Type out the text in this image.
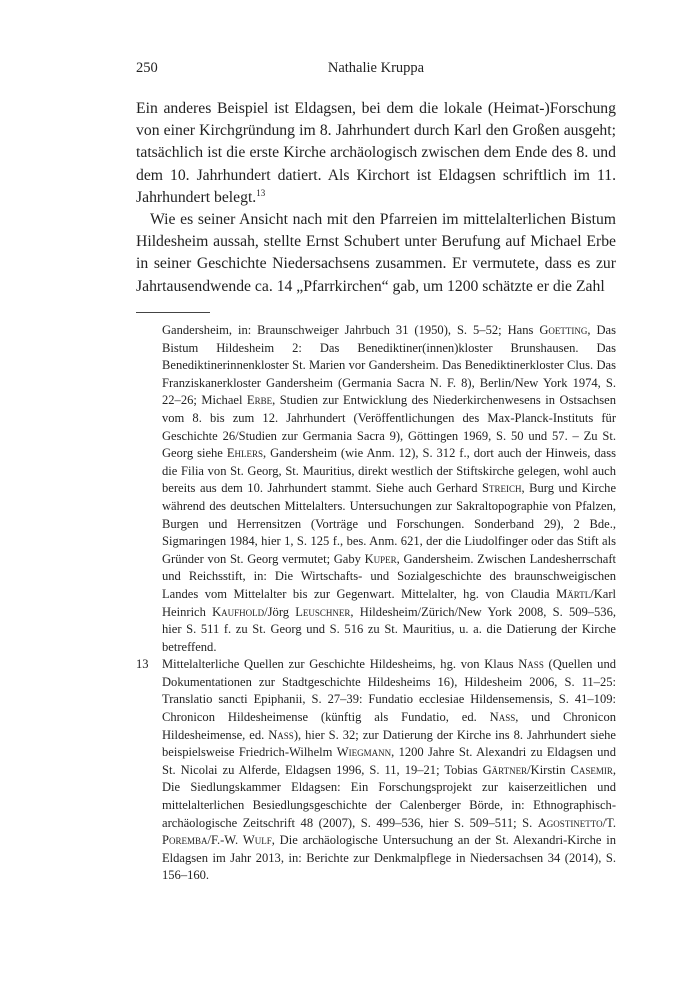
250	Nathalie Kruppa

Ein anderes Beispiel ist Eldagsen, bei dem die lokale (Heimat-)Forschung von einer Kirchgründung im 8. Jahrhundert durch Karl den Großen ausgeht; tatsächlich ist die erste Kirche archäologisch zwischen dem Ende des 8. und dem 10. Jahrhundert datiert. Als Kirchort ist Eldagsen schriftlich im 11. Jahrhundert belegt.$^{13}$

Wie es seiner Ansicht nach mit den Pfarreien im mittelalterlichen Bistum Hildesheim aussah, stellte Ernst Schubert unter Berufung auf Michael Erbe in seiner Geschichte Niedersachsens zusammen. Er vermutete, dass es zur Jahrtausendwende ca. 14 „Pfarrkirchen“ gab, um 1200 schätzte er die Zahl

Gandersheim, in: Braunschweiger Jahrbuch 31 (1950), S. 5–52; Hans Goetting, Das Bistum Hildesheim 2: Das Benediktiner(innen)kloster Brunshausen. Das Benediktinerinnenkloster St. Marien vor Gandersheim. Das Benediktinerkloster Clus. Das Franziskanerkloster Gandersheim (Germania Sacra N. F. 8), Berlin/New York 1974, S. 22–26; Michael Erbe, Studien zur Entwicklung des Niederkirchenwesens in Ostsachsen vom 8. bis zum 12. Jahrhundert (Veröffentlichungen des Max-Planck-Instituts für Geschichte 26/Studien zur Germania Sacra 9), Göttingen 1969, S. 50 und 57. – Zu St. Georg siehe Ehlers, Gandersheim (wie Anm. 12), S. 312 f., dort auch der Hinweis, dass die Filia von St. Georg, St. Mauritius, direkt westlich der Stiftskirche gelegen, wohl auch bereits aus dem 10. Jahrhundert stammt. Siehe auch Gerhard Streich, Burg und Kirche während des deutschen Mittelalters. Untersuchungen zur Sakraltopographie von Pfalzen, Burgen und Herrensitzen (Vorträge und Forschungen. Sonderband 29), 2 Bde., Sigmaringen 1984, hier 1, S. 125 f., bes. Anm. 621, der die Liudolfinger oder das Stift als Gründer von St. Georg vermutet; Gaby Kuper, Gandersheim. Zwischen Landesherrschaft und Reichsstift, in: Die Wirtschafts- und Sozialgeschichte des braunschweigischen Landes vom Mittelalter bis zur Gegenwart. Mittelalter, hg. von Claudia Märtl/Karl Heinrich Kaufhold/Jörg Leuschner, Hildesheim/Zürich/New York 2008, S. 509–536, hier S. 511 f. zu St. Georg und S. 516 zu St. Mauritius, u. a. die Datierung der Kirche betreffend.
13 Mittelalterliche Quellen zur Geschichte Hildesheims, hg. von Klaus Nass (Quellen und Dokumentationen zur Stadtgeschichte Hildesheims 16), Hildesheim 2006, S. 11–25: Translatio sancti Epiphanii, S. 27–39: Fundatio ecclesiae Hildensemensis, S. 41–109: Chronicon Hildesheimense (künftig als Fundatio, ed. Nass, und Chronicon Hildesheimense, ed. Nass), hier S. 32; zur Datierung der Kirche ins 8. Jahrhundert siehe beispielsweise Friedrich-Wilhelm Wiegmann, 1200 Jahre St. Alexandri zu Eldagsen und St. Nicolai zu Alferde, Eldagsen 1996, S. 11, 19–21; Tobias Gärtner/Kirstin Casemir, Die Siedlungskammer Eldagsen: Ein Forschungsprojekt zur kaiserzeitlichen und mittelalterlichen Besiedlungsgeschichte der Calenberger Börde, in: Ethnographisch-archäologische Zeitschrift 48 (2007), S. 499–536, hier S. 509–511; S. Agostinetto/T. Poremba/F.-W. Wulf, Die archäologische Untersuchung an der St. Alexandri-Kirche in Eldagsen im Jahr 2013, in: Berichte zur Denkmalpflege in Niedersachsen 34 (2014), S. 156–160.
